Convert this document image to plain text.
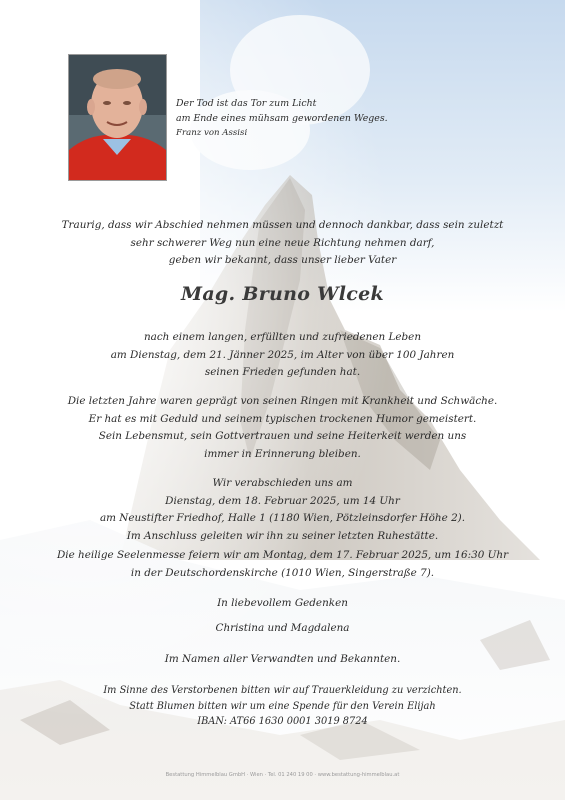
Der Tod ist das Tor zum Licht
am Ende eines mühsam gewordenen Weges.
Franz von Assisi
Traurig, dass wir Abschied nehmen müssen und dennoch dankbar, dass sein zuletzt
sehr schwerer Weg nun eine neue Richtung nehmen darf,
geben wir bekannt, dass unser lieber Vater
Mag. Bruno Wlcek
nach einem langen, erfüllten und zufriedenen Leben
am Dienstag, dem 21. Jänner 2025, im Alter von über 100 Jahren
seinen Frieden gefunden hat.
Die letzten Jahre waren geprägt von seinen Ringen mit Krankheit und Schwäche.
Er hat es mit Geduld und seinem typischen trockenen Humor gemeistert.
Sein Lebensmut, sein Gottvertrauen und seine Heiterkeit werden uns
immer in Erinnerung bleiben.
Wir verabschieden uns am
Dienstag, dem 18. Februar 2025, um 14 Uhr
am Neustifter Friedhof, Halle 1 (1180 Wien, Pötzleinsdorfer Höhe 2).
Im Anschluss geleiten wir ihn zu seiner letzten Ruhestätte.
Die heilige Seelenmesse feiern wir am Montag, dem 17. Februar 2025, um 16:30 Uhr
in der Deutschordenskirche (1010 Wien, Singerstraße 7).
In liebevollem Gedenken
Christina und Magdalena
Im Namen aller Verwandten und Bekannten.
Im Sinne des Verstorbenen bitten wir auf Trauerkleidung zu verzichten.
Statt Blumen bitten wir um eine Spende für den Verein Elijah
IBAN: AT66 1630 0001 3019 8724
Bestattung Himmelblau GmbH · Wien · Tel. 01 240 19 00 · www.bestattung-himmelblau.at
